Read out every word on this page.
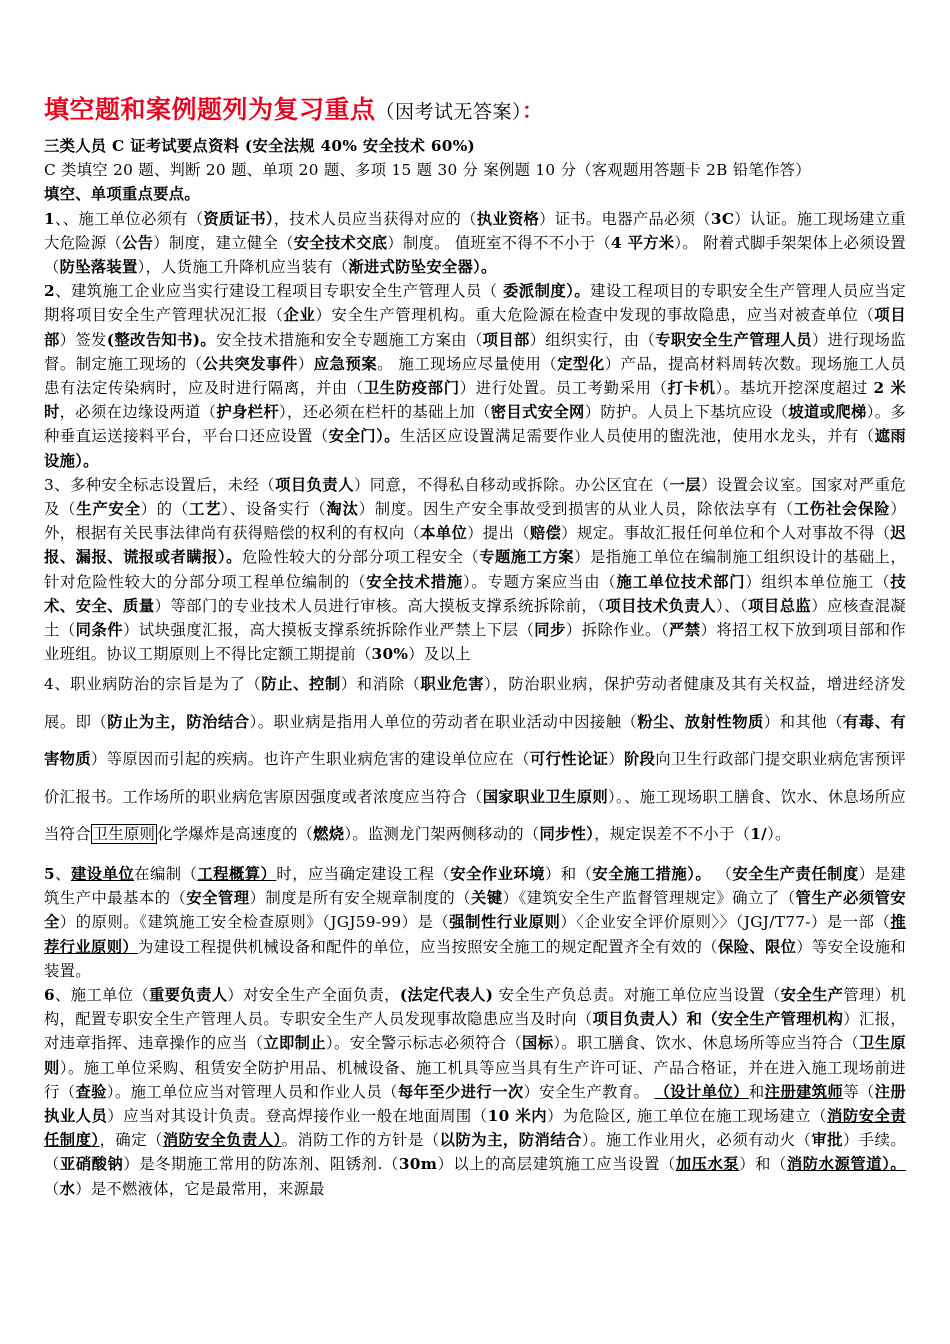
填空题和案例题列为复习重点（因考试无答案）：

三类人员 C 证考试要点资料 (安全法规 40% 安全技术 60%)

C 类填空 20 题、判断 20 题、单项 20 题、多项 15 题 30 分 案例题 10 分（客观题用答题卡 2B 铅笔作答）

填空、单项重点要点。

1、、施工单位必须有（资质证书），技术人员应当获得对应的（执业资格）证书。电器产品必须（3C）认证。施工现场建立重大危险源（公告）制度，建立健全（安全技术交底）制度。 值班室不得不不小于（4 平方米）。 附着式脚手架架体上必须设置（防坠落装置），人货施工升降机应当装有（渐进式防坠安全器）。

2、建筑施工企业应当实行建设工程项目专职安全生产管理人员（ 委派制度）。建设工程项目的专职安全生产管理人员应当定期将项目安全生产管理状况汇报（企业）安全生产管理机构。重大危险源在检查中发现的事故隐患，应当对被查单位（项目部）签发(整改告知书)。安全技术措施和安全专题施工方案由（项目部）组织实行，由（专职安全生产管理人员）进行现场监督。制定施工现场的（公共突发事件）应急预案。 施工现场应尽量使用（定型化）产品，提高材料周转次数。现场施工人员患有法定传染病时，应及时进行隔离，并由（卫生防疫部门）进行处置。员工考勤采用（打卡机）。基坑开挖深度超过 2 米时，必须在边缘设两道（护身栏杆），还必须在栏杆的基础上加（密目式安全网）防护。人员上下基坑应设（坡道或爬梯）。多种垂直运送接料平台，平台口还应设置（安全门）。生活区应设置满足需要作业人员使用的盥洗池，使用水龙头，并有（遮雨设施）。

3、多种安全标志设置后，未经（项目负责人）同意，不得私自移动或拆除。办公区宜在（一层）设置会议室。国家对严重危及（生产安全）的（工艺）、设备实行（淘汰）制度。因生产安全事故受到损害的从业人员，除依法享有（工伤社会保险）外，根据有关民事法律尚有获得赔偿的权利的有权向（本单位）提出（赔偿）规定。事故汇报任何单位和个人对事故不得（迟报、漏报、谎报或者瞒报）。危险性较大的分部分项工程安全（专题施工方案）是指施工单位在编制施工组织设计的基础上，针对危险性较大的分部分项工程单位编制的（安全技术措施）。专题方案应当由（施工单位技术部门）组织本单位施工（技术、安全、质量）等部门的专业技术人员进行审核。高大摸板支撑系统拆除前，（项目技术负责人）、（项目总监）应核查混凝土（同条件）试块强度汇报，高大摸板支撑系统拆除作业严禁上下层（同步）拆除作业。（严禁）将招工权下放到项目部和作业班组。协议工期原则上不得比定额工期提前（30%）及以上

4、职业病防治的宗旨是为了（防止、控制）和消除（职业危害），防治职业病，保护劳动者健康及其有关权益，增进经济发展。即（防止为主，防治结合）。职业病是指用人单位的劳动者在职业活动中因接触（粉尘、放射性物质）和其他（有毒、有害物质）等原因而引起的疾病。也许产生职业病危害的建设单位应在（可行性论证）阶段向卫生行政部门提交职业病危害预评价汇报书。工作场所的职业病危害原因强度或者浓度应当符合（国家职业卫生原则）。、施工现场职工膳食、饮水、休息场所应当符合 卫生原则 化学爆炸是高速度的（燃烧）。监测龙门架两侧移动的（同步性），规定误差不不小于（1/）。

5、建设单位在编制（工程概算）时，应当确定建设工程（安全作业环境）和（安全施工措施）。 （安全生产责任制度）是建筑生产中最基本的（安全管理）制度是所有安全规章制度的（关键）《建筑安全生产监督管理规定》确立了（管生产必须管安全）的原则。《建筑施工安全检查原则》（JGJ59-99）是（强制性行业原则）〈企业安全评价原则〉〉（JGJ/T77-）是一部（推荐行业原则）为建设工程提供机械设备和配件的单位，应当按照安全施工的规定配置齐全有效的（保险、限位）等安全设施和装置。

6、施工单位（重要负责人）对安全生产全面负责，(法定代表人) 安全生产负总责。对施工单位应当设置（安全生产管理）机构，配置专职安全生产管理人员。专职安全生产人员发现事故隐患应当及时向（项目负责人）和（安全生产管理机构）汇报，对违章指挥、违章操作的应当（立即制止）。安全警示标志必须符合（国标）。职工膳食、饮水、休息场所等应当符合（卫生原则）。施工单位采购、租赁安全防护用品、机械设备、施工机具等应当具有生产许可证、产品合格证，并在进入施工现场前进行（查验）。施工单位应当对管理人员和作业人员（每年至少进行一次）安全生产教育。 （设计单位）和注册建筑师等（注册执业人员）应当对其设计负责。登高焊接作业一般在地面周围（10 米内）为危险区, 施工单位在施工现场建立（消防安全责任制度），确定（消防安全负责人）。消防工作的方针是（以防为主，防消结合）。施工作业用火，必须有动火（审批）手续。（亚硝酸钠）是冬期施工常用的防冻剂、阻锈剂.（30m）以上的高层建筑施工应当设置（加压水泵）和（消防水源管道）。 （水）是不燃液体，它是最常用，来源最
